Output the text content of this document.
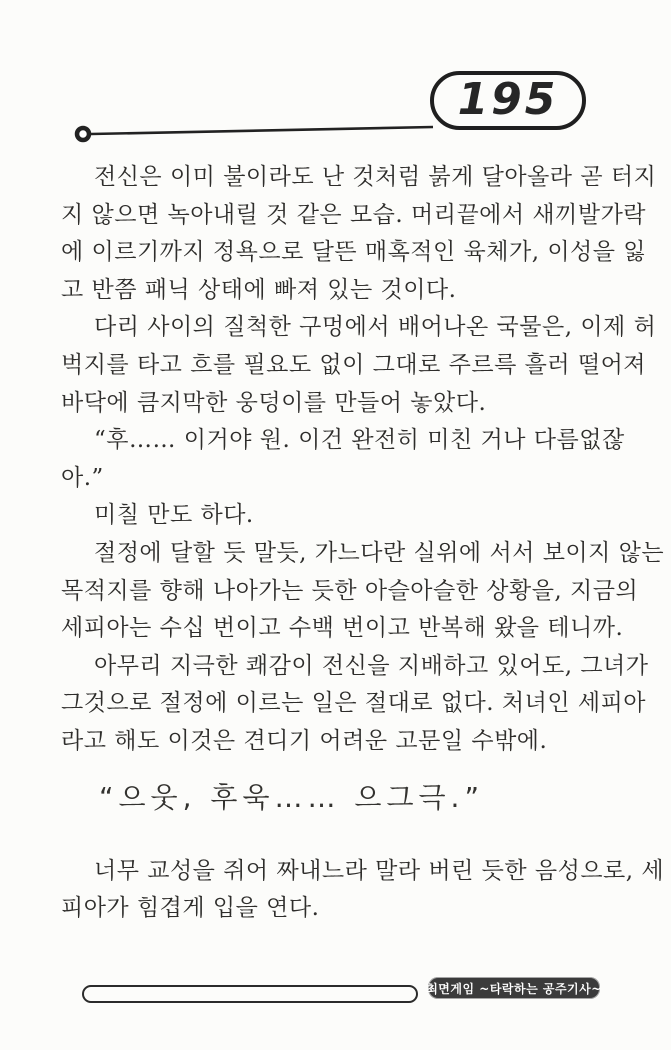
195
전신은 이미 불이라도 난 것처럼 붉게 달아올라 곧 터지
지 않으면 녹아내릴 것 같은 모습. 머리끝에서 새끼발가락
에 이르기까지 정욕으로 달뜬 매혹적인 육체가, 이성을 잃
고 반쯤 패닉 상태에 빠져 있는 것이다.
다리 사이의 질척한 구멍에서 배어나온 국물은, 이제 허
벅지를 타고 흐를 필요도 없이 그대로 주르륵 흘러 떨어져
바닥에 큼지막한 웅덩이를 만들어 놓았다.
“후…… 이거야 원. 이건 완전히 미친 거나 다름없잖
아.”
미칠 만도 하다.
절정에 달할 듯 말듯, 가느다란 실위에 서서 보이지 않는
목적지를 향해 나아가는 듯한 아슬아슬한 상황을, 지금의
세피아는 수십 번이고 수백 번이고 반복해 왔을 테니까.
아무리 지극한 쾌감이 전신을 지배하고 있어도, 그녀가
그것으로 절정에 이르는 일은 절대로 없다. 처녀인 세피아
라고 해도 이것은 견디기 어려운 고문일 수밖에.
“으웃, 후욱…… 으그극.”
너무 교성을 쥐어 짜내느라 말라 버린 듯한 음성으로, 세
피아가 힘겹게 입을 연다.
최면게임 ~타락하는 공주기사~
